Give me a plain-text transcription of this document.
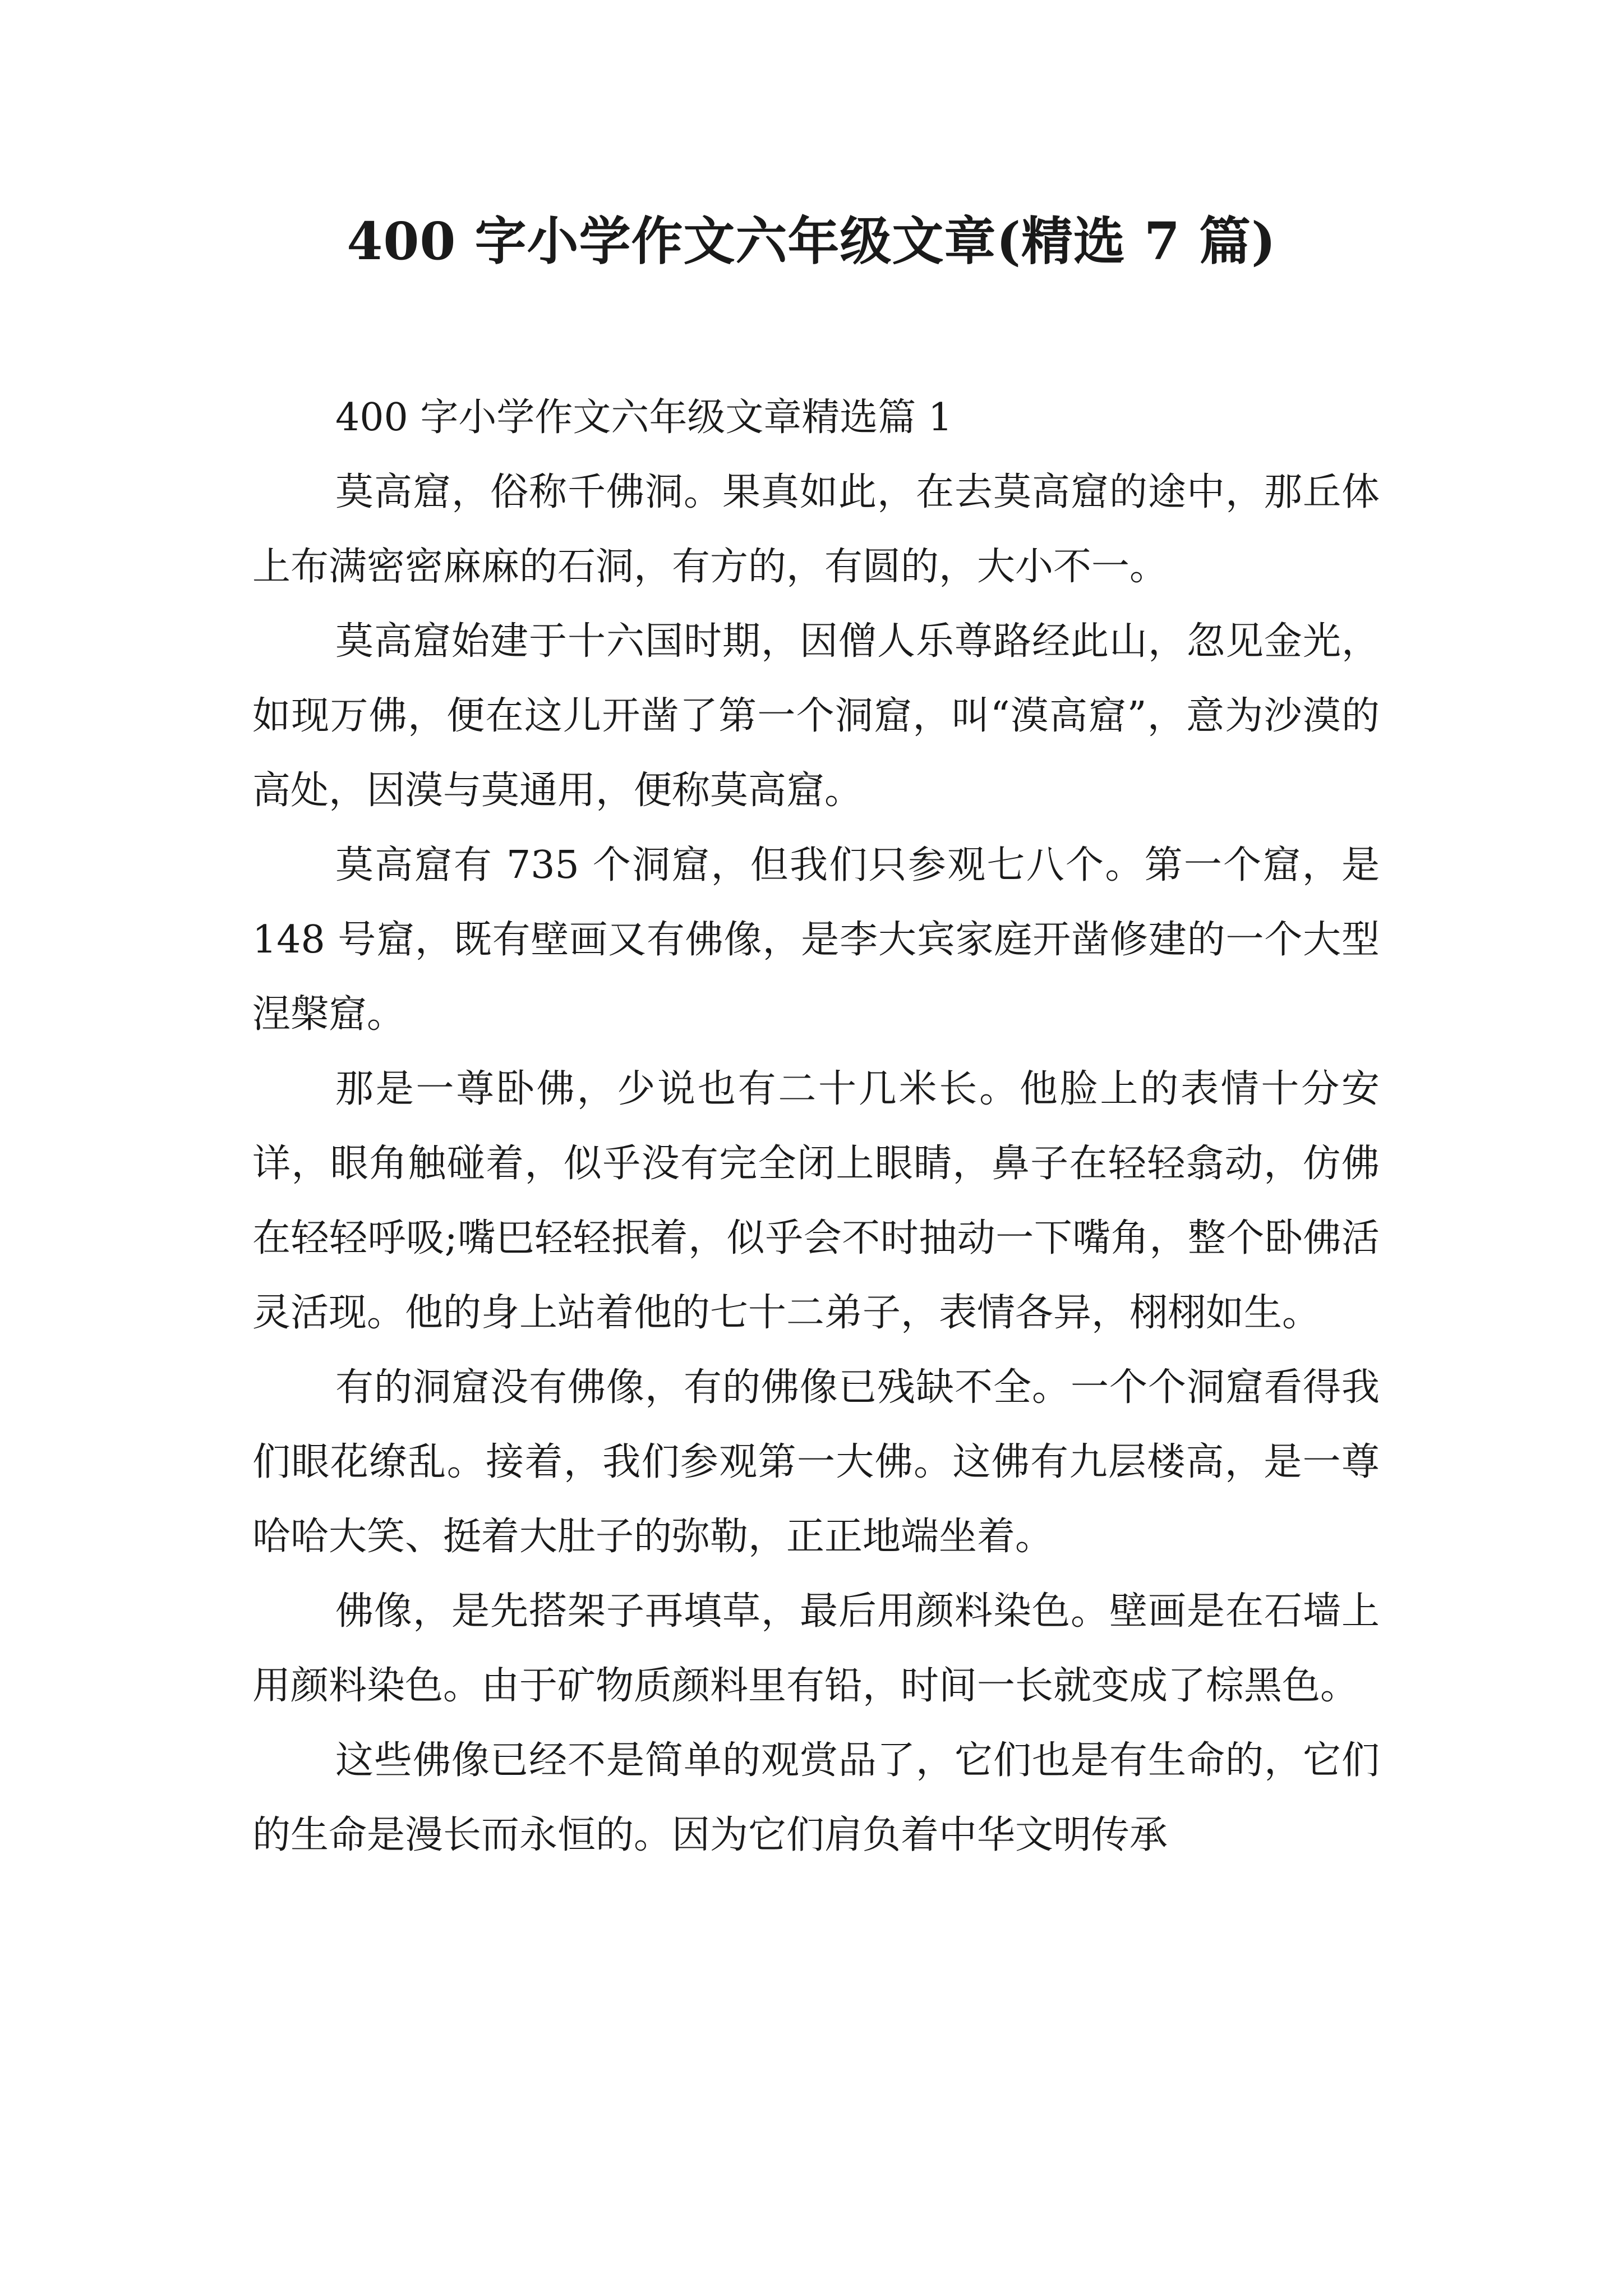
400 字小学作文六年级文章(精选 7 篇)
400 字小学作文六年级文章精选篇 1

莫高窟，俗称千佛洞。果真如此，在去莫高窟的途中，那丘体上布满密密麻麻的石洞，有方的，有圆的，大小不一。

莫高窟始建于十六国时期，因僧人乐尊路经此山，忽见金光，如现万佛，便在这儿开凿了第一个洞窟，叫“漠高窟”，意为沙漠的高处，因漠与莫通用，便称莫高窟。

莫高窟有 735 个洞窟，但我们只参观七八个。第一个窟，是 148 号窟，既有壁画又有佛像，是李大宾家庭开凿修建的一个大型涅槃窟。

那是一尊卧佛，少说也有二十几米长。他脸上的表情十分安详，眼角触碰着，似乎没有完全闭上眼睛，鼻子在轻轻翕动，仿佛在轻轻呼吸;嘴巴轻轻抿着，似乎会不时抽动一下嘴角，整个卧佛活灵活现。他的身上站着他的七十二弟子，表情各异，栩栩如生。

有的洞窟没有佛像，有的佛像已残缺不全。一个个洞窟看得我们眼花缭乱。接着，我们参观第一大佛。这佛有九层楼高，是一尊哈哈大笑、挺着大肚子的弥勒，正正地端坐着。

佛像，是先搭架子再填草，最后用颜料染色。壁画是在石墙上用颜料染色。由于矿物质颜料里有铅，时间一长就变成了棕黑色。

这些佛像已经不是简单的观赏品了，它们也是有生命的，它们的生命是漫长而永恒的。因为它们肩负着中华文明传承
